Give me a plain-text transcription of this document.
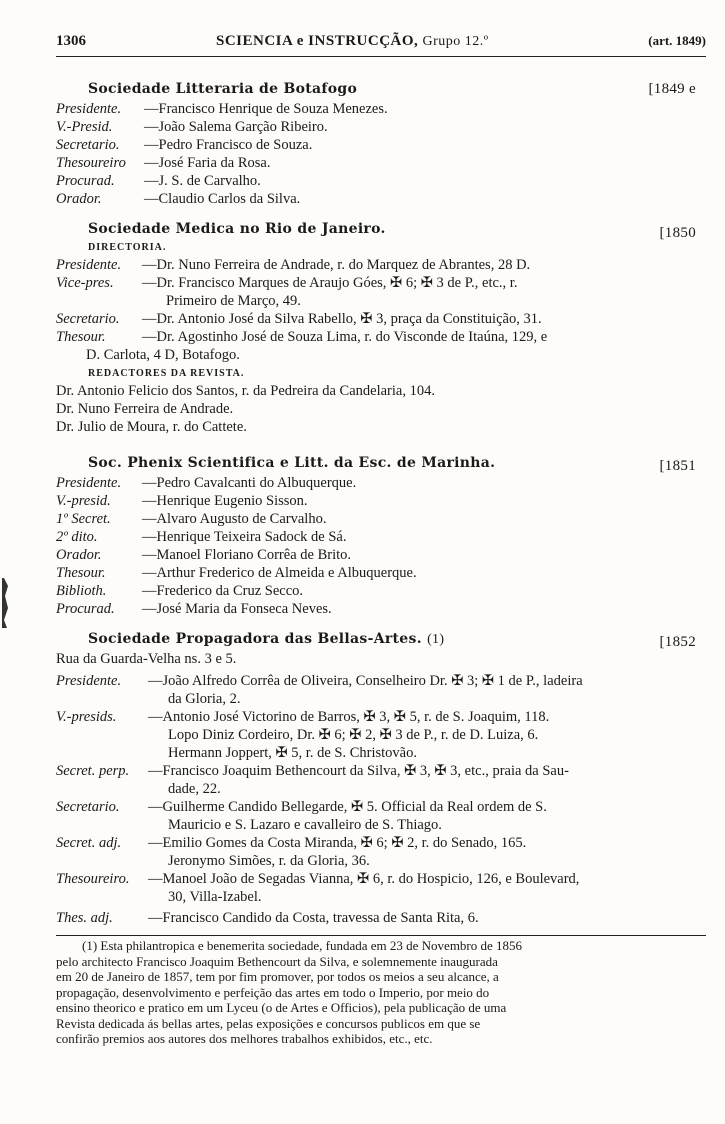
1306	SCIENCIA e INSTRUCÇÃO, Grupo 12.º	(art. 1849)
Sociedade Litteraria de Botafogo	[1849 e
Presidente. —Francisco Henrique de Souza Menezes.
V.-Presid. —João Salema Garção Ribeiro.
Secretario. —Pedro Francisco de Souza.
Thesoureiro —José Faria da Rosa.
Procurad. —J. S. de Carvalho.
Orador.	—Claudio Carlos da Silva.
Sociedade Medica no Rio de Janeiro.	[1850
DIRECTORIA.
Presidente. —Dr. Nuno Ferreira de Andrade, r. do Marquez de Abrantes, 28 D.
Vice-pres. —Dr. Francisco Marques de Araujo Góes, ✠ 6; ✠ 3 de P., etc., r.
Primeiro de Março, 49.
Secretario. —Dr. Antonio José da Silva Rabello, ✠ 3, praça da Constituição, 31.
Thesour.	—Dr. Agostinho José de Souza Lima, r. do Visconde de Itaúna, 129, e
D. Carlota, 4 D, Botafogo.
REDACTORES DA REVISTA.
Dr. Antonio Felicio dos Santos, r. da Pedreira da Candelaria, 104.
Dr. Nuno Ferreira de Andrade.
Dr. Julio de Moura, r. do Cattete.
Soc. Phenix Scientifica e Litt. da Esc. de Marinha.	[1851
Presidente. —Pedro Cavalcanti do Albuquerque.
V.-presid. —Henrique Eugenio Sisson.
1º Secret. —Alvaro Augusto de Carvalho.
2º dito.	—Henrique Teixeira Sadock de Sá.
Orador.	—Manoel Floriano Corrêa de Brito.
Thesour.	—Arthur Frederico de Almeida e Albuquerque.
Biblioth. —Frederico da Cruz Secco.
Procurad. —José Maria da Fonseca Neves.
Sociedade Propagadora das Bellas-Artes. (1)	[1852
Rua da Guarda-Velha ns. 3 e 5.
Presidente. —João Alfredo Corrêa de Oliveira, Conselheiro Dr. ✠ 3; ✠ 1 de P., ladeira
da Gloria, 2.
V.-presids. —Antonio José Victorino de Barros, ✠ 3, ✠ 5, r. de S. Joaquim, 118.
Lopo Diniz Cordeiro, Dr. ✠ 6; ✠ 2, ✠ 3 de P., r. de D. Luiza, 6.
Hermann Joppert, ✠ 5, r. de S. Christovão.
Secret. perp. —Francisco Joaquim Bethencourt da Silva, ✠ 3, ✠ 3, etc., praia da Sau-
dade, 22.
Secretario. —Guilherme Candido Bellegarde, ✠ 5. Official da Real ordem de S.
Mauricio e S. Lazaro e cavalleiro de S. Thiago.
Secret. adj. —Emilio Gomes da Costa Miranda, ✠ 6; ✠ 2, r. do Senado, 165.
Jeronymo Simões, r. da Gloria, 36.
Thesoureiro. —Manoel João de Segadas Vianna, ✠ 6, r. do Hospicio, 126, e Boulevard,
30, Villa-Izabel.
Thes. adj. —Francisco Candido da Costa, travessa de Santa Rita, 6.
(1) Esta philantropica e benemerita sociedade, fundada em 23 de Novembro de 1856
pelo architecto Francisco Joaquim Bethencourt da Silva, e solemnemente inaugurada
em 20 de Janeiro de 1857, tem por fim promover, por todos os meios a seu alcance, a
propagação, desenvolvimento e perfeição das artes em todo o Imperio, por meio do
ensino theorico e pratico em um Lyceu (o de Artes e Officios), pela publicação de uma
Revista dedicada ás bellas artes, pelas exposições e concursos publicos em que se
confirão premios aos autores dos melhores trabalhos exhibidos, etc., etc.
